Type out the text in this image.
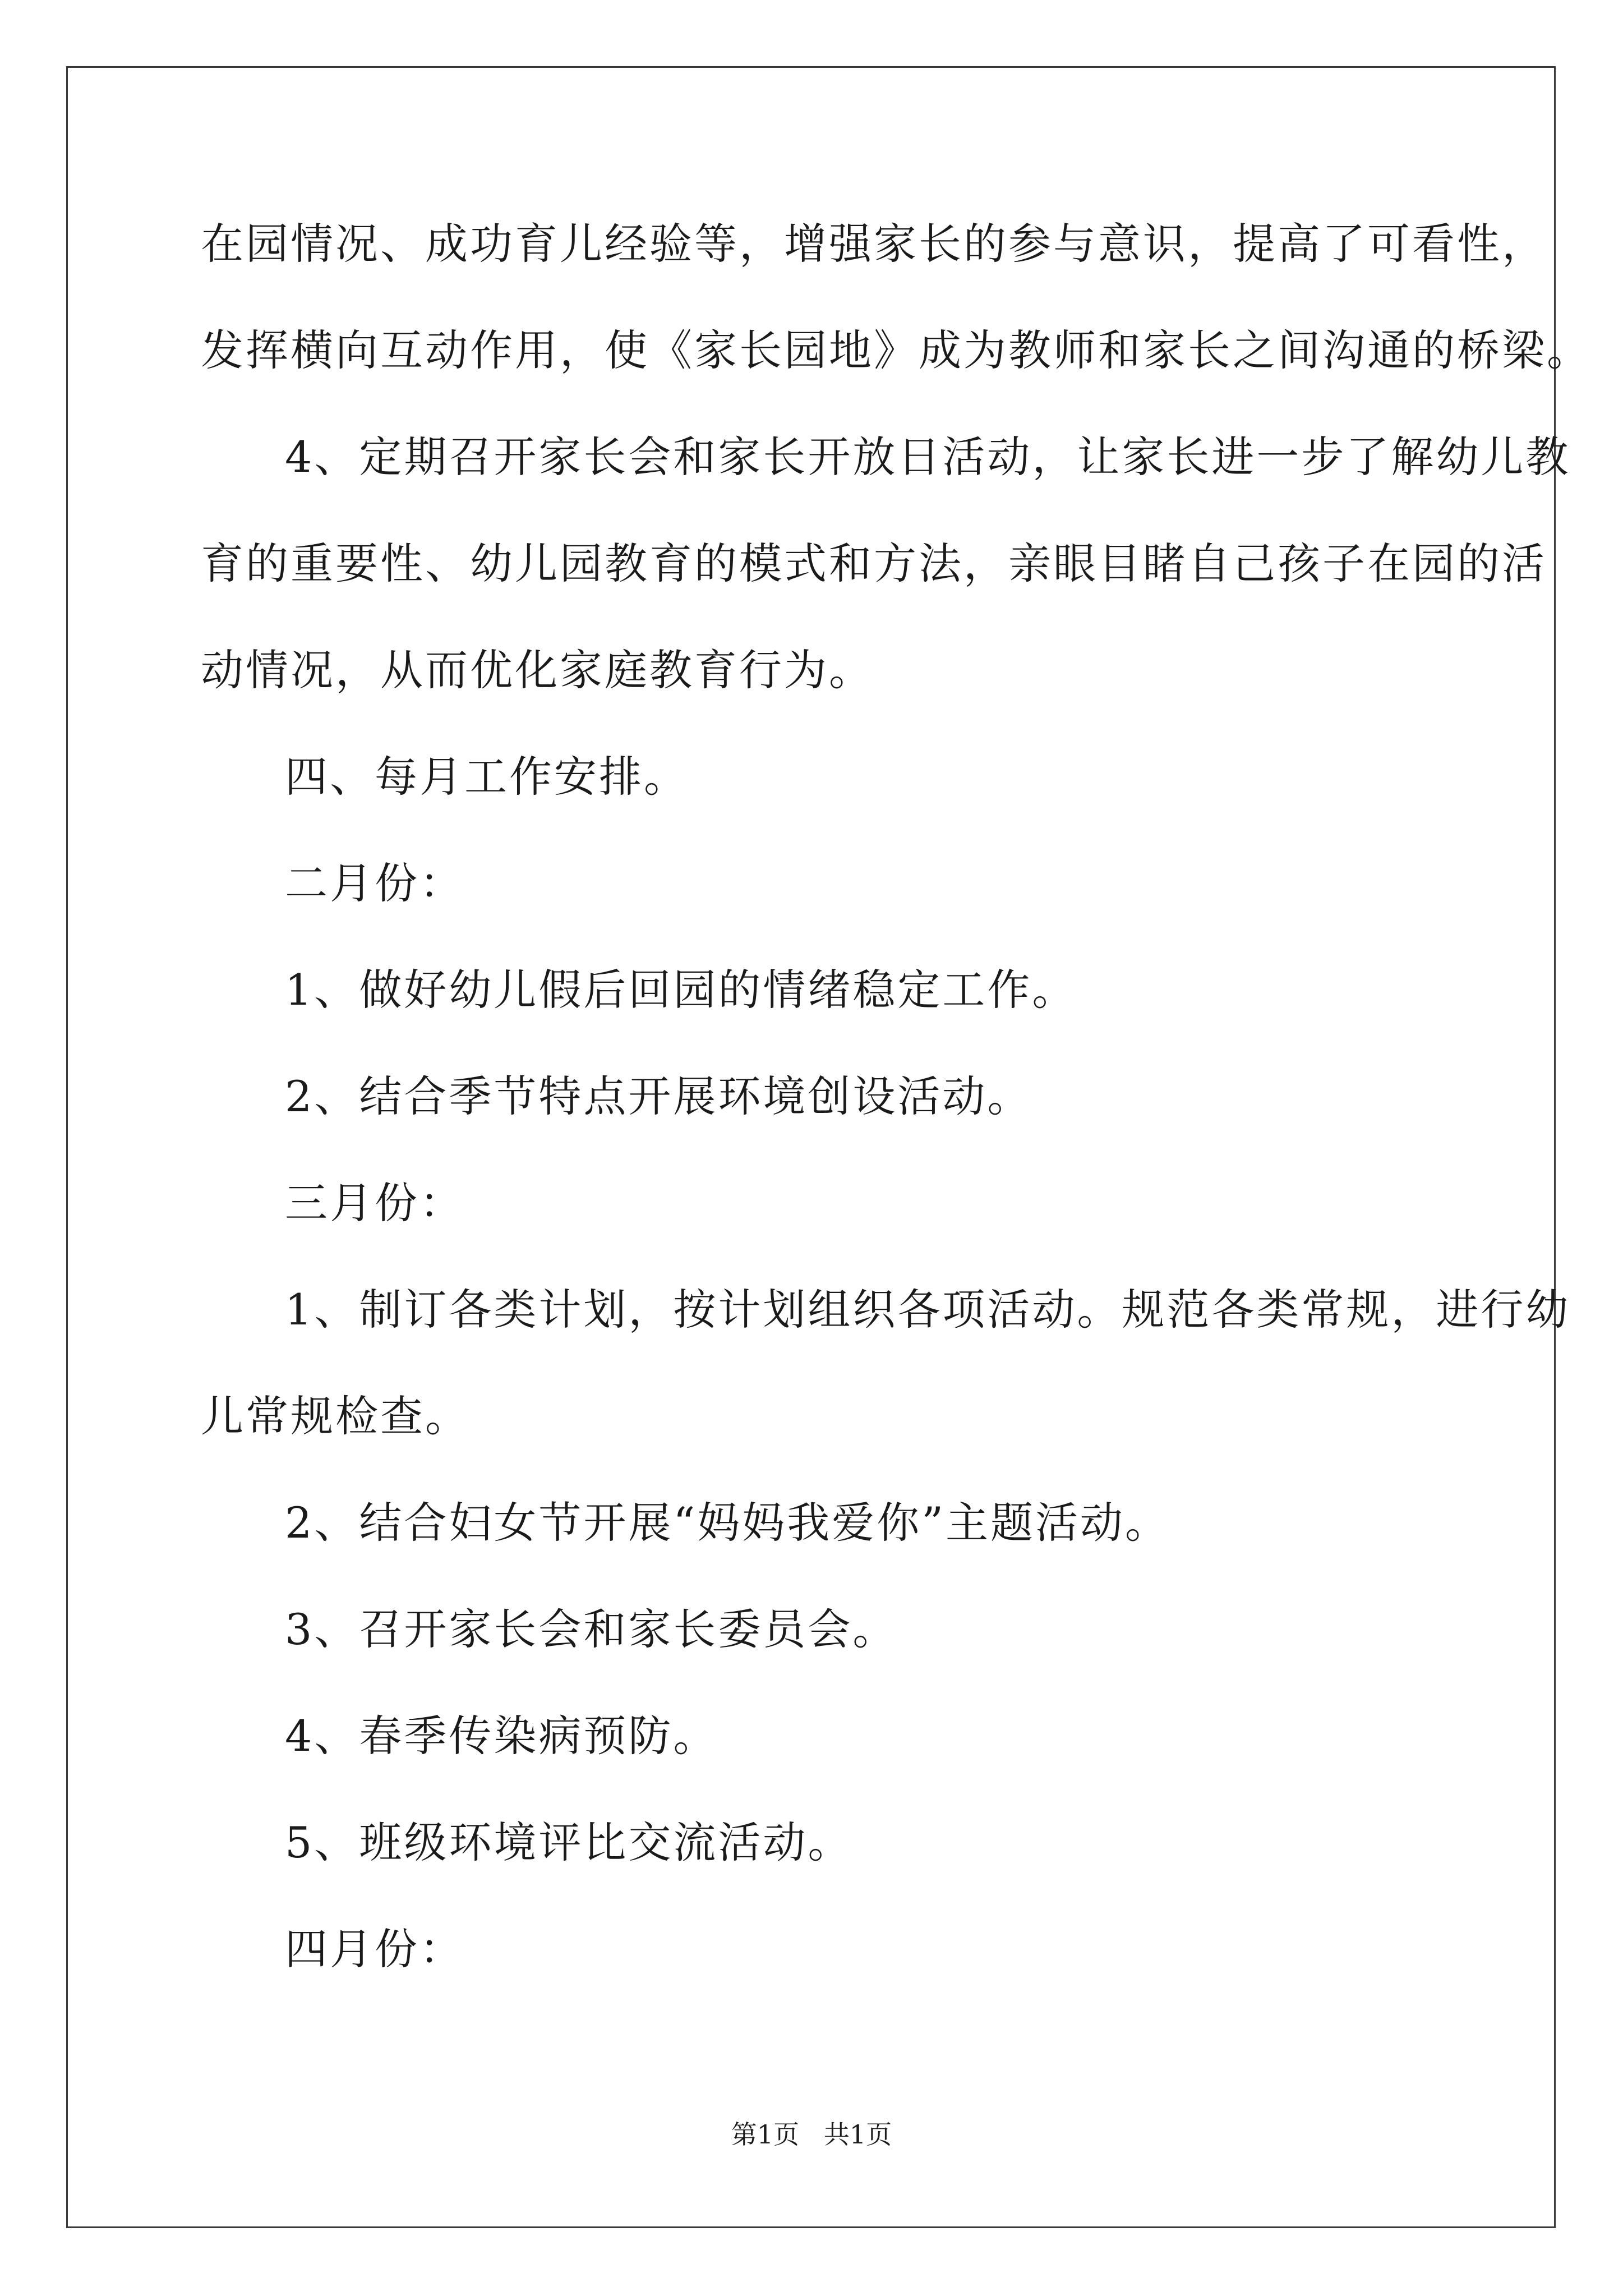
在园情况、成功育儿经验等，增强家长的参与意识，提高了可看性，
发挥横向互动作用，使《家长园地》成为教师和家长之间沟通的桥梁。
4、定期召开家长会和家长开放日活动，让家长进一步了解幼儿教
育的重要性、幼儿园教育的模式和方法，亲眼目睹自己孩子在园的活
动情况，从而优化家庭教育行为。
四、每月工作安排。
二月份：
1、做好幼儿假后回园的情绪稳定工作。
2、结合季节特点开展环境创设活动。
三月份：
1、制订各类计划，按计划组织各项活动。规范各类常规，进行幼
儿常规检查。
2、结合妇女节开展“妈妈我爱你”主题活动。
3、召开家长会和家长委员会。
4、春季传染病预防。
5、班级环境评比交流活动。
四月份：
第1页   共1页
